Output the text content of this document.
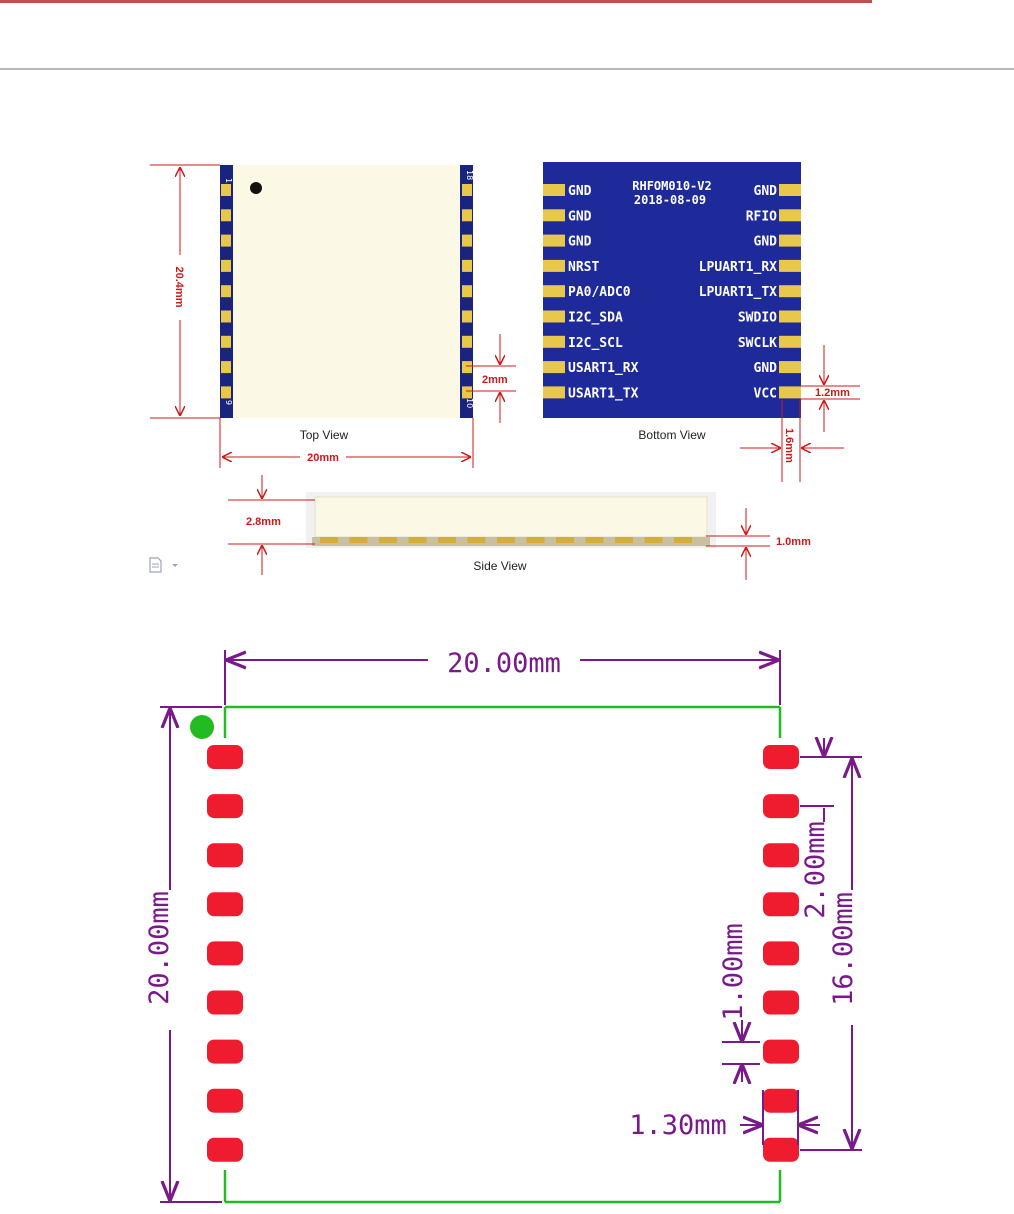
1
9	10
18
20.4mm
20mm
Top View
2mm
GND
GND
GND
NRST
PA0/ADC0
I2C_SDA
I2C_SCL
USART1_RX
USART1_TX
GND
RFIO
GND
LPUART1_RX
LPUART1_TX
SWDIO
SWCLK
GND
VCC
RHFOM010-V2
2018-08-09
Bottom View
1.2mm
1.6mm
2.8mm
1.0mm
Side View
20.00mm
20.00mm	16.00mm
2.00mm
1.00mm
1.30mm
